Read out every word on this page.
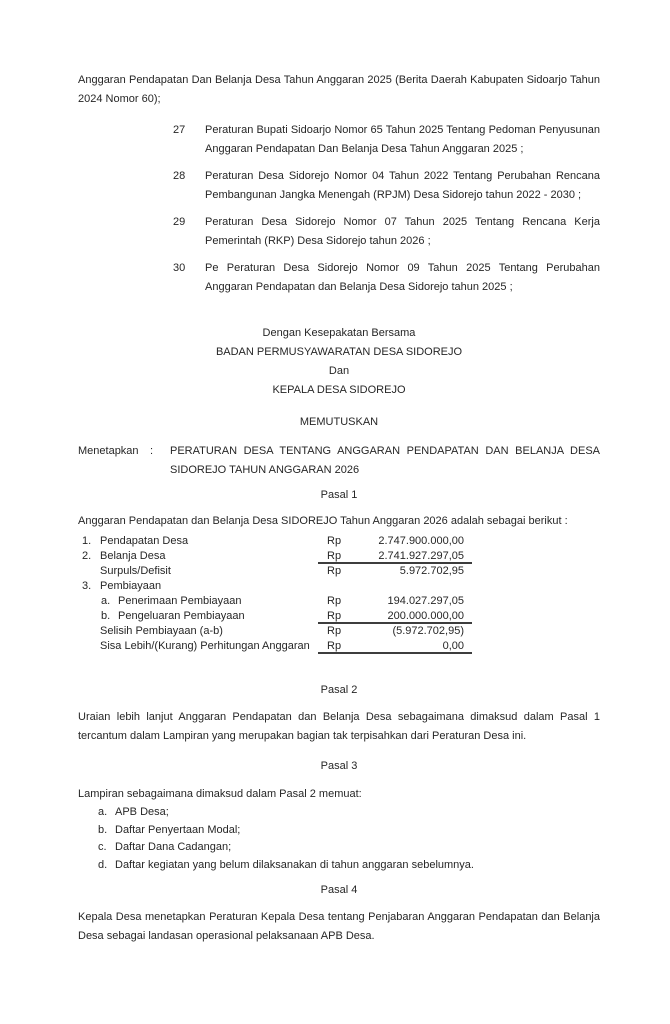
Anggaran Pendapatan Dan Belanja Desa Tahun Anggaran 2025 (Berita Daerah Kabupaten Sidoarjo Tahun 2024 Nomor 60);

27	Peraturan Bupati Sidoarjo Nomor 65 Tahun 2025 Tentang Pedoman Penyusunan Anggaran Pendapatan Dan Belanja Desa Tahun Anggaran 2025 ;
28	Peraturan Desa Sidorejo Nomor 04 Tahun 2022 Tentang Perubahan Rencana Pembangunan Jangka Menengah (RPJM) Desa Sidorejo tahun 2022 - 2030 ;
29	Peraturan Desa Sidorejo Nomor 07 Tahun 2025 Tentang Rencana Kerja Pemerintah (RKP) Desa Sidorejo tahun 2026 ;
30	Pe Peraturan Desa Sidorejo Nomor 09 Tahun 2025 Tentang Perubahan Anggaran Pendapatan dan Belanja Desa Sidorejo tahun 2025 ;
Dengan Kesepakatan Bersama
BADAN PERMUSYAWARATAN DESA SIDOREJO
Dan
KEPALA DESA SIDOREJO
MEMUTUSKAN
Menetapkan	:	PERATURAN DESA TENTANG ANGGARAN PENDAPATAN DAN BELANJA DESA SIDOREJO TAHUN ANGGARAN 2026
Pasal 1
Anggaran Pendapatan dan Belanja Desa SIDOREJO Tahun Anggaran 2026 adalah sebagai berikut :
1. Pendapatan Desa	Rp	2.747.900.000,00
2. Belanja Desa	Rp	2.741.927.297,05
Surpuls/Defisit	Rp	5.972.702,95
3. Pembiayaan
a. Penerimaan Pembiayaan	Rp	194.027.297,05
b. Pengeluaran Pembiayaan	Rp	200.000.000,00
Selisih Pembiayaan (a-b)	Rp	(5.972.702,95)
Sisa Lebih/(Kurang) Perhitungan Anggaran	Rp	0,00
Pasal 2

Uraian lebih lanjut Anggaran Pendapatan dan Belanja Desa sebagaimana dimaksud dalam Pasal 1 tercantum dalam Lampiran yang merupakan bagian tak terpisahkan dari Peraturan Desa ini.

Pasal 3
Lampiran sebagaimana dimaksud dalam Pasal 2 memuat:
a. APB Desa;
b. Daftar Penyertaan Modal;
c. Daftar Dana Cadangan;
d. Daftar kegiatan yang belum dilaksanakan di tahun anggaran sebelumnya.
Pasal 4

Kepala Desa menetapkan Peraturan Kepala Desa tentang Penjabaran Anggaran Pendapatan dan Belanja Desa sebagai landasan operasional pelaksanaan APB Desa.
